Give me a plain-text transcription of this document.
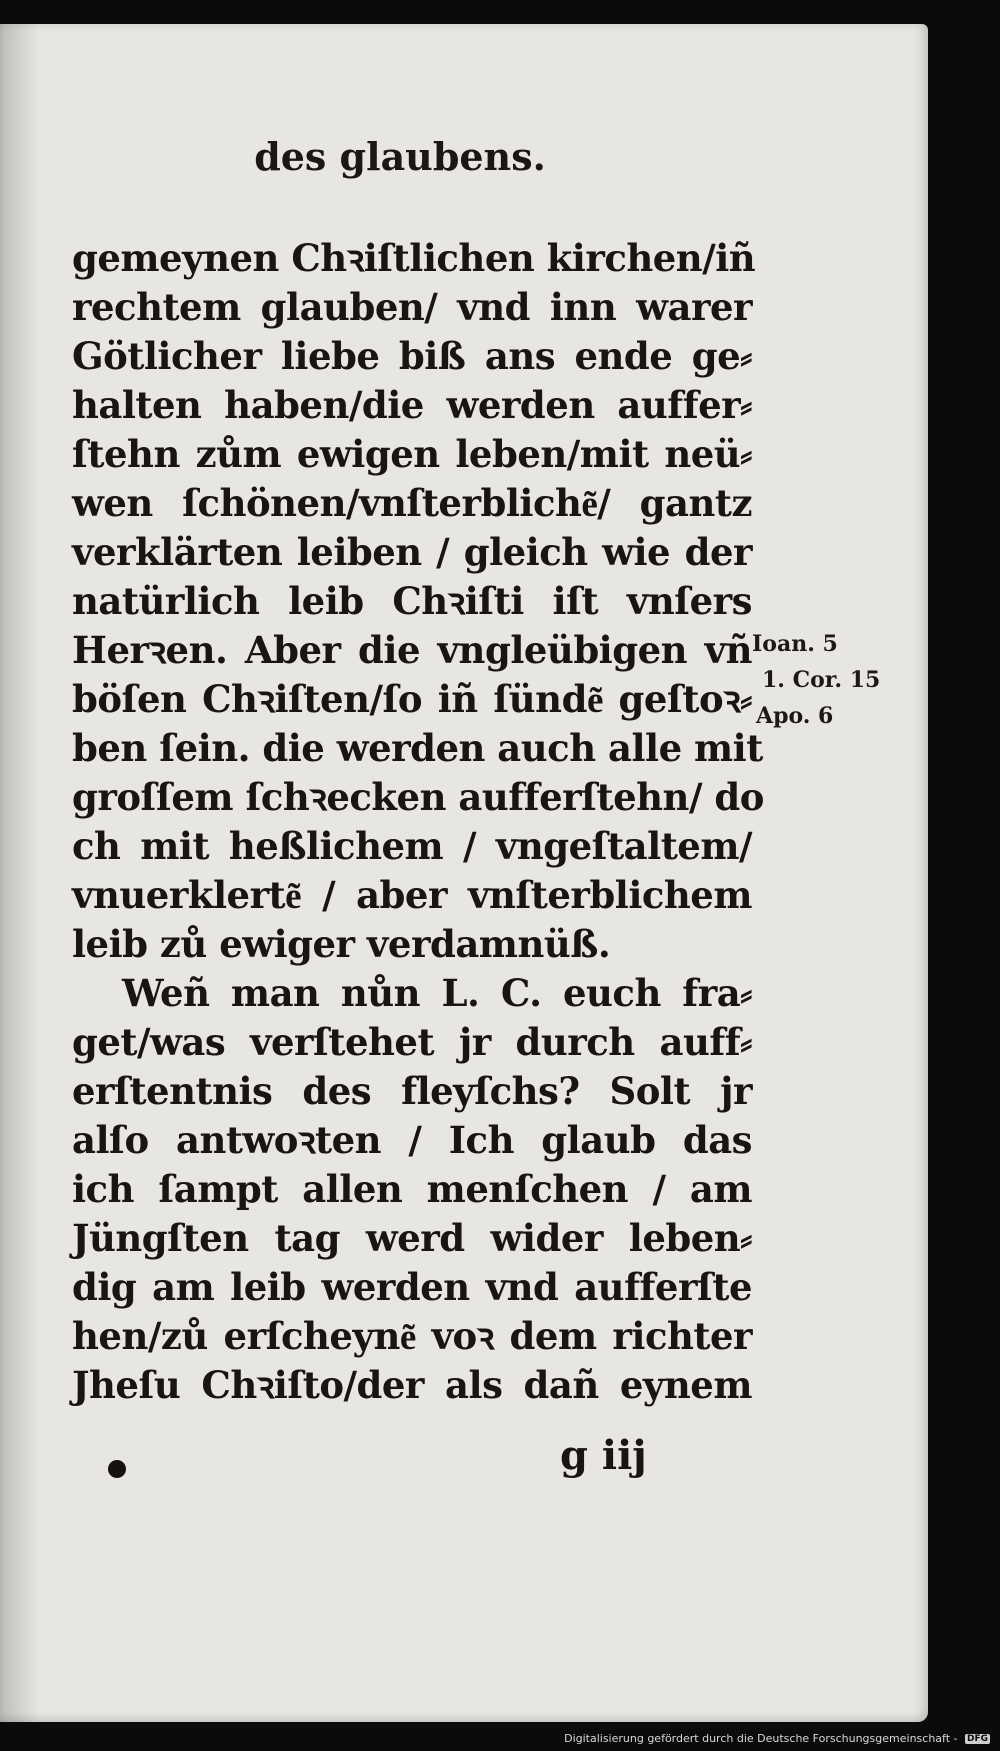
des glaubens.
gemeynen Chꝛiſtlichen kirchen/iñ
rechtem glauben/ vnd inn warer
Götlicher liebe biß ans ende ge⸗
halten haben/die werden auffer⸗
ſtehn zům ewigen leben/mit neü⸗
wen ſchönen/vnſterbliche͂/ gantz
verklärten leiben / gleich wie der
natürlich leib Chꝛiſti iſt vnſers
Herꝛen. Aber die vngleübigen vñ
böſen Chꝛiſten/ſo iñ ſünde͂ geſtoꝛ⸗
ben ſein. die werden auch alle mit
groſſem ſchꝛecken aufferſtehn/ do
ch mit heßlichem / vngeſtaltem/
vnuerklerte͂ / aber vnſterblichem
leib zů ewiger verdamnüß.
Weñ man nůn L. C. euch fra⸗
get/was verſtehet jr durch auff⸗
erſtentnis des fleyſchs? Solt jr
alſo antwoꝛten / Ich glaub das
ich ſampt allen menſchen / am
Jüngſten tag werd wider leben⸗
dig am leib werden vnd aufferſte
hen/zů erſcheyne͂ voꝛ dem richter
Jheſu Chꝛiſto/der als dañ eynem
Ioan. 5
1. Cor. 15
Apo. 6
g iij
Digitalisierung gefördert durch die Deutsche Forschungsgemeinschaft - DFG
